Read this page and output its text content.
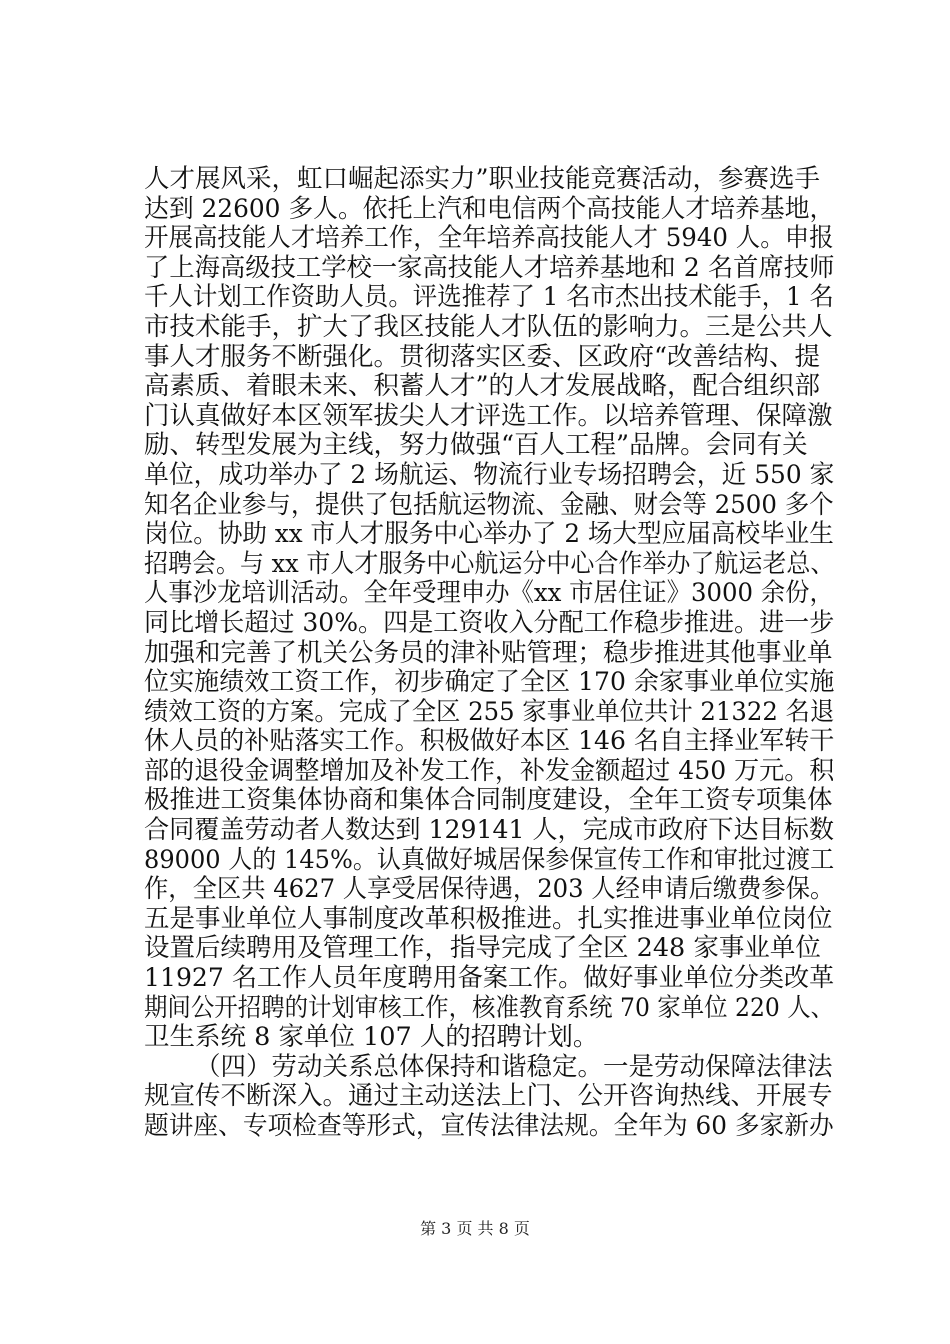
人才展风采，虹口崛起添实力”职业技能竞赛活动，参赛选手
达到 22600 多人。依托上汽和电信两个高技能人才培养基地，
开展高技能人才培养工作，全年培养高技能人才 5940 人。申报
了上海高级技工学校一家高技能人才培养基地和 2 名首席技师
千人计划工作资助人员。评选推荐了 1 名市杰出技术能手，1 名
市技术能手，扩大了我区技能人才队伍的影响力。三是公共人
事人才服务不断强化。贯彻落实区委、区政府“改善结构、提
高素质、着眼未来、积蓄人才”的人才发展战略，配合组织部
门认真做好本区领军拔尖人才评选工作。以培养管理、保障激
励、转型发展为主线，努力做强“百人工程”品牌。会同有关
单位，成功举办了 2 场航运、物流行业专场招聘会，近 550 家
知名企业参与，提供了包括航运物流、金融、财会等 2500 多个
岗位。协助 xx 市人才服务中心举办了 2 场大型应届高校毕业生
招聘会。与 xx 市人才服务中心航运分中心合作举办了航运老总、
人事沙龙培训活动。全年受理申办《xx 市居住证》3000 余份，
同比增长超过 30%。四是工资收入分配工作稳步推进。进一步
加强和完善了机关公务员的津补贴管理；稳步推进其他事业单
位实施绩效工资工作，初步确定了全区 170 余家事业单位实施
绩效工资的方案。完成了全区 255 家事业单位共计 21322 名退
休人员的补贴落实工作。积极做好本区 146 名自主择业军转干
部的退役金调整增加及补发工作，补发金额超过 450 万元。积
极推进工资集体协商和集体合同制度建设，全年工资专项集体
合同覆盖劳动者人数达到 129141 人，完成市政府下达目标数
89000 人的 145%。认真做好城居保参保宣传工作和审批过渡工
作，全区共 4627 人享受居保待遇，203 人经申请后缴费参保。
五是事业单位人事制度改革积极推进。扎实推进事业单位岗位
设置后续聘用及管理工作，指导完成了全区 248 家事业单位
11927 名工作人员年度聘用备案工作。做好事业单位分类改革
期间公开招聘的计划审核工作，核准教育系统 70 家单位 220 人、
卫生系统 8 家单位 107 人的招聘计划。
（四）劳动关系总体保持和谐稳定。一是劳动保障法律法
规宣传不断深入。通过主动送法上门、公开咨询热线、开展专
题讲座、专项检查等形式，宣传法律法规。全年为 60 多家新办
第 3 页 共 8 页
